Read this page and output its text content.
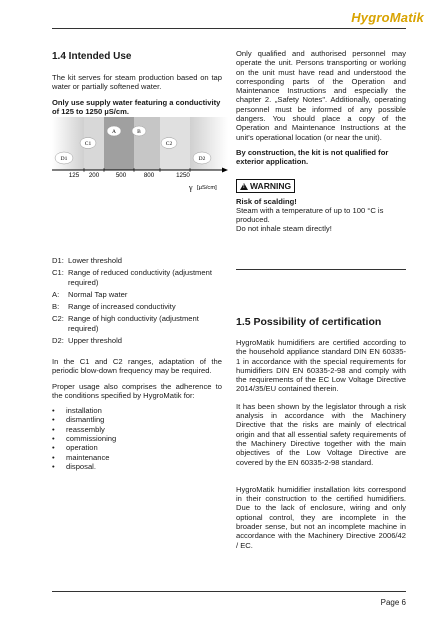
HygroMatik
1.4 Intended Use

The kit serves for steam production based on tap water or partially softened water.

Only use supply water featuring a conductivity of 125 to 1250 µS/cm.

D1
C1
A	B
C2
D2
125 200	500	800	1250
γ [µS/cm]
D1: Lower threshold
C1: Range of reduced conductivity (adjustment required)
A:	Normal Tap water
B:	Range of increased conductivity
C2: Range of high conductivity (adjustment required)
D2: Upper threshold

In the C1 and C2 ranges, adaptation of the periodic blow-down frequency may be required.

Proper usage also comprises the adherence to the conditions specified by HygroMatik for:

• installation
• dismantling
• reassembly
• commissioning
• operation
• maintenance
• disposal.

Only qualified and authorised personnel may operate the unit. Persons transporting or working on the unit must have read and understood the corresponding parts of the Operation and Maintenance Instructions and especially the chapter 2. „Safety Notes". Additionally, operating personnel must be informed of any possible dangers. You should place a copy of the Operation and Maintenance Instructions at the unit's operational location (or near the unit).

By construction, the kit is not qualified for exterior application.

! WARNING
Risk of scalding!
Steam with a temperature of up to 100 °C is produced.
Do not inhale steam directly!
1.5 Possibility of certification

HygroMatik humidifiers are certified according to the household appliance standard DIN EN 60335-1 in accordance with the special requirements for humidifiers DIN EN 60335-2-98 and comply with the requirements of the EC Low Voltage Directive 2014/35/EU contained therein.

It has been shown by the legislator through a risk analysis in accordance with the Machinery Directive that the risks are mainly of electrical origin and that all essential safety requirements of the Machinery Directive together with the main objectives of the Low Voltage Directive are covered by the EN 60335-2-98 standard.

HygroMatik humidifier installation kits correspond in their construction to the certified humidifiers. Due to the lack of enclosure, wiring and only optional control, they are incomplete in the broader sense, but not an incomplete machine in accordance with the Machinery Directive 2006/42 / EC.

Page 6
